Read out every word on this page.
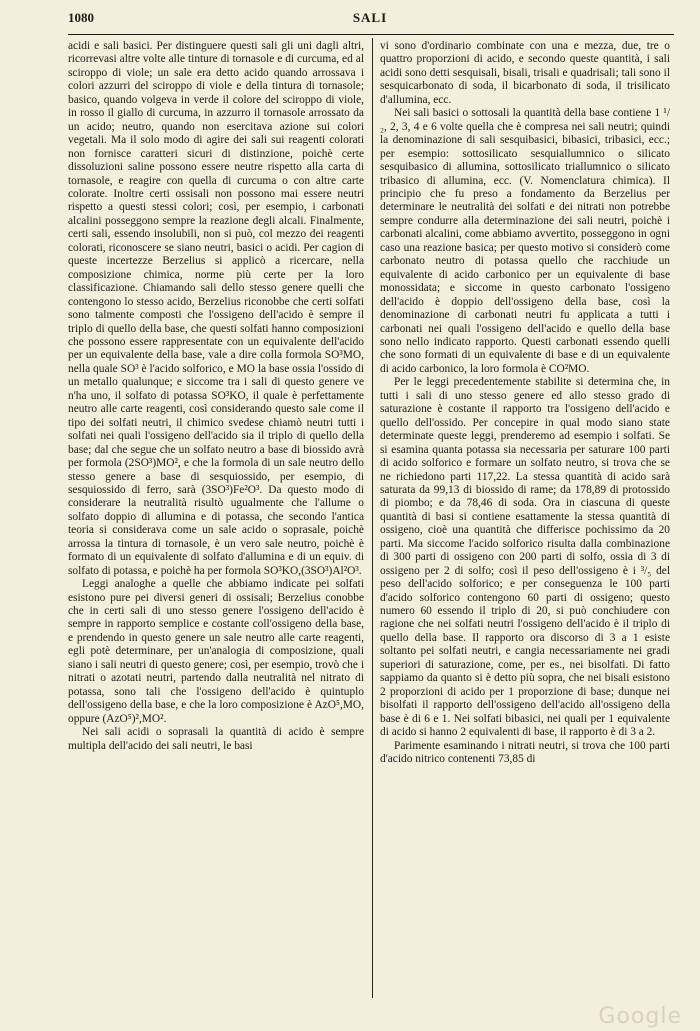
1080	SALI

acidi e sali basici. Per distinguere questi sali gli uni dagli altri, ricorrevasi altre volte alle tinture di tornasole e di curcuma, ed al sciroppo di viole; un sale era detto acido quando arrossava i colori azzurri del sciroppo di viole e della tintura di tornasole; basico, quando volgeva in verde il colore del sciroppo di viole, in rosso il giallo di curcuma, in azzurro il tornasole arrossato da un acido; neutro, quando non esercitava azione sui colori vegetali. Ma il solo modo di agire dei sali sui reagenti colorati non fornisce caratteri sicuri di distinzione, poichè certe dissoluzioni saline possono essere neutre rispetto alla carta di tornasole, e reagire con quella di curcuma o con altre carte colorate. Inoltre certi ossisali non possono mai essere neutri rispetto a questi stessi colori; così, per esempio, i carbonati alcalini posseggono sempre la reazione degli alcali. Finalmente, certi sali, essendo insolubili, non si può, col mezzo dei reagenti colorati, riconoscere se siano neutri, basici o acidi. Per cagion di queste incertezze Berzelius si applicò a ricercare, nella composizione chimica, norme più certe per la loro classificazione. Chiamando sali dello stesso genere quelli che contengono lo stesso acido, Berzelius riconobbe che certi solfati sono talmente composti che l'ossigeno dell'acido è sempre il triplo di quello della base, che questi solfati hanno composizioni che possono essere rappresentate con un equivalente dell'acido per un equivalente della base, vale a dire colla formola SO³MO, nella quale SO³ è l'acido solforico, e MO la base ossia l'ossido di un metallo qualunque; e siccome tra i sali di questo genere ve n'ha uno, il solfato di potassa SO³KO, il quale è perfettamente neutro alle carte reagenti, così considerando questo sale come il tipo dei solfati neutri, il chimico svedese chiamò neutri tutti i solfati nei quali l'ossigeno dell'acido sia il triplo di quello della base; dal che segue che un solfato neutro a base di biossido avrà per formola (2SO³)MO², e che la formola di un sale neutro dello stesso genere a base di sesquiossido, per esempio, di sesquiossido di ferro, sarà (3SO³)Fe²O³. Da questo modo di considerare la neutralità risultò ugualmente che l'allume o solfato doppio di allumina e di potassa, che secondo l'antica teoria si considerava come un sale acido o soprasale, poichè arrossa la tintura di tornasole, è un vero sale neutro, poichè è formato di un equivalente di solfato d'allumina e di un equiv. di solfato di potassa, e poichè ha per formola SO³KO,(3SO³)Al²O³.

Leggi analoghe a quelle che abbiamo indicate pei solfati esistono pure pei diversi generi di ossisali; Berzelius conobbe che in certi sali di uno stesso genere l'ossigeno dell'acido è sempre in rapporto semplice e costante coll'ossigeno della base, e prendendo in questo genere un sale neutro alle carte reagenti, egli potè determinare, per un'analogia di composizione, quali siano i sali neutri di questo genere; così, per esempio, trovò che i nitrati o azotati neutri, partendo dalla neutralità nel nitrato di potassa, sono tali che l'ossigeno dell'acido è quintuplo dell'ossigeno della base, e che la loro composizione è AzO⁵,MO, oppure (AzO⁵)²,MO².

Nei sali acidi o soprasali la quantità di acido è sempre multipla dell'acido dei sali neutri, le basi

vi sono d'ordinario combinate con una e mezza, due, tre o quattro proporzioni di acido, e secondo queste quantità, i sali acidi sono detti sesquisali, bisali, trisali e quadrisali; tali sono il sesquicarbonato di soda, il bicarbonato di soda, il trisilicato d'allumina, ecc.

Nei sali basici o sottosali la quantità della base contiene 1 ¹/₂, 2, 3, 4 e 6 volte quella che è compresa nei sali neutri; quindi la denominazione di sali sesquibasici, bibasici, tribasici, ecc.; per esempio: sottosilicato sesquiallumnico o silicato sesquibasico di allumina, sottosilicato triallumnico o silicato tribasico di allumina, ecc. (V. Nomenclatura chimica). Il principio che fu preso a fondamento da Berzelius per determinare le neutralità dei solfati e dei nitrati non potrebbe sempre condurre alla determinazione dei sali neutri, poichè i carbonati alcalini, come abbiamo avvertito, posseggono in ogni caso una reazione basica; per questo motivo si considerò come carbonato neutro di potassa quello che racchiude un equivalente di acido carbonico per un equivalente di base monossidata; e siccome in questo carbonato l'ossigeno dell'acido è doppio dell'ossigeno della base, così la denominazione di carbonati neutri fu applicata a tutti i carbonati nei quali l'ossigeno dell'acido e quello della base sono nello indicato rapporto. Questi carbonati essendo quelli che sono formati di un equivalente di base e di un equivalente di acido carbonico, la loro formola è CO²MO.

Per le leggi precedentemente stabilite si determina che, in tutti i sali di uno stesso genere ed allo stesso grado di saturazione è costante il rapporto tra l'ossigeno dell'acido e quello dell'ossido. Per concepire in qual modo siano state determinate queste leggi, prenderemo ad esempio i solfati. Se si esamina quanta potassa sia necessaria per saturare 100 parti di acido solforico e formare un solfato neutro, si trova che se ne richiedono parti 117,22. La stessa quantità di acido sarà saturata da 99,13 di biossido di rame; da 178,89 di protossido di piombo; e da 78,46 di soda. Ora in ciascuna di queste quantità di basi si contiene esattamente la stessa quantità di ossigeno, cioè una quantità che differisce pochissimo da 20 parti. Ma siccome l'acido solforico risulta dalla combinazione di 300 parti di ossigeno con 200 parti di solfo, ossia di 3 di ossigeno per 2 di solfo; così il peso dell'ossigeno è i ³/₅ del peso dell'acido solforico; e per conseguenza le 100 parti d'acido solforico contengono 60 parti di ossigeno; questo numero 60 essendo il triplo di 20, si può conchiudere con ragione che nei solfati neutri l'ossigeno dell'acido è il triplo di quello della base. Il rapporto ora discorso di 3 a 1 esiste soltanto pei solfati neutri, e cangia necessariamente nei gradi superiori di saturazione, come, per es., nei bisolfati. Di fatto sappiamo da quanto si è detto più sopra, che nei bisali esistono 2 proporzioni di acido per 1 proporzione di base; dunque nei bisolfati il rapporto dell'ossigeno dell'acido all'ossigeno della base è di 6 e 1. Nei solfati bibasici, nei quali per 1 equivalente di acido si hanno 2 equivalenti di base, il rapporto è di 3 a 2.

Parimente esaminando i nitrati neutri, si trova che 100 parti d'acido nitrico contenenti 73,85 di

Google
